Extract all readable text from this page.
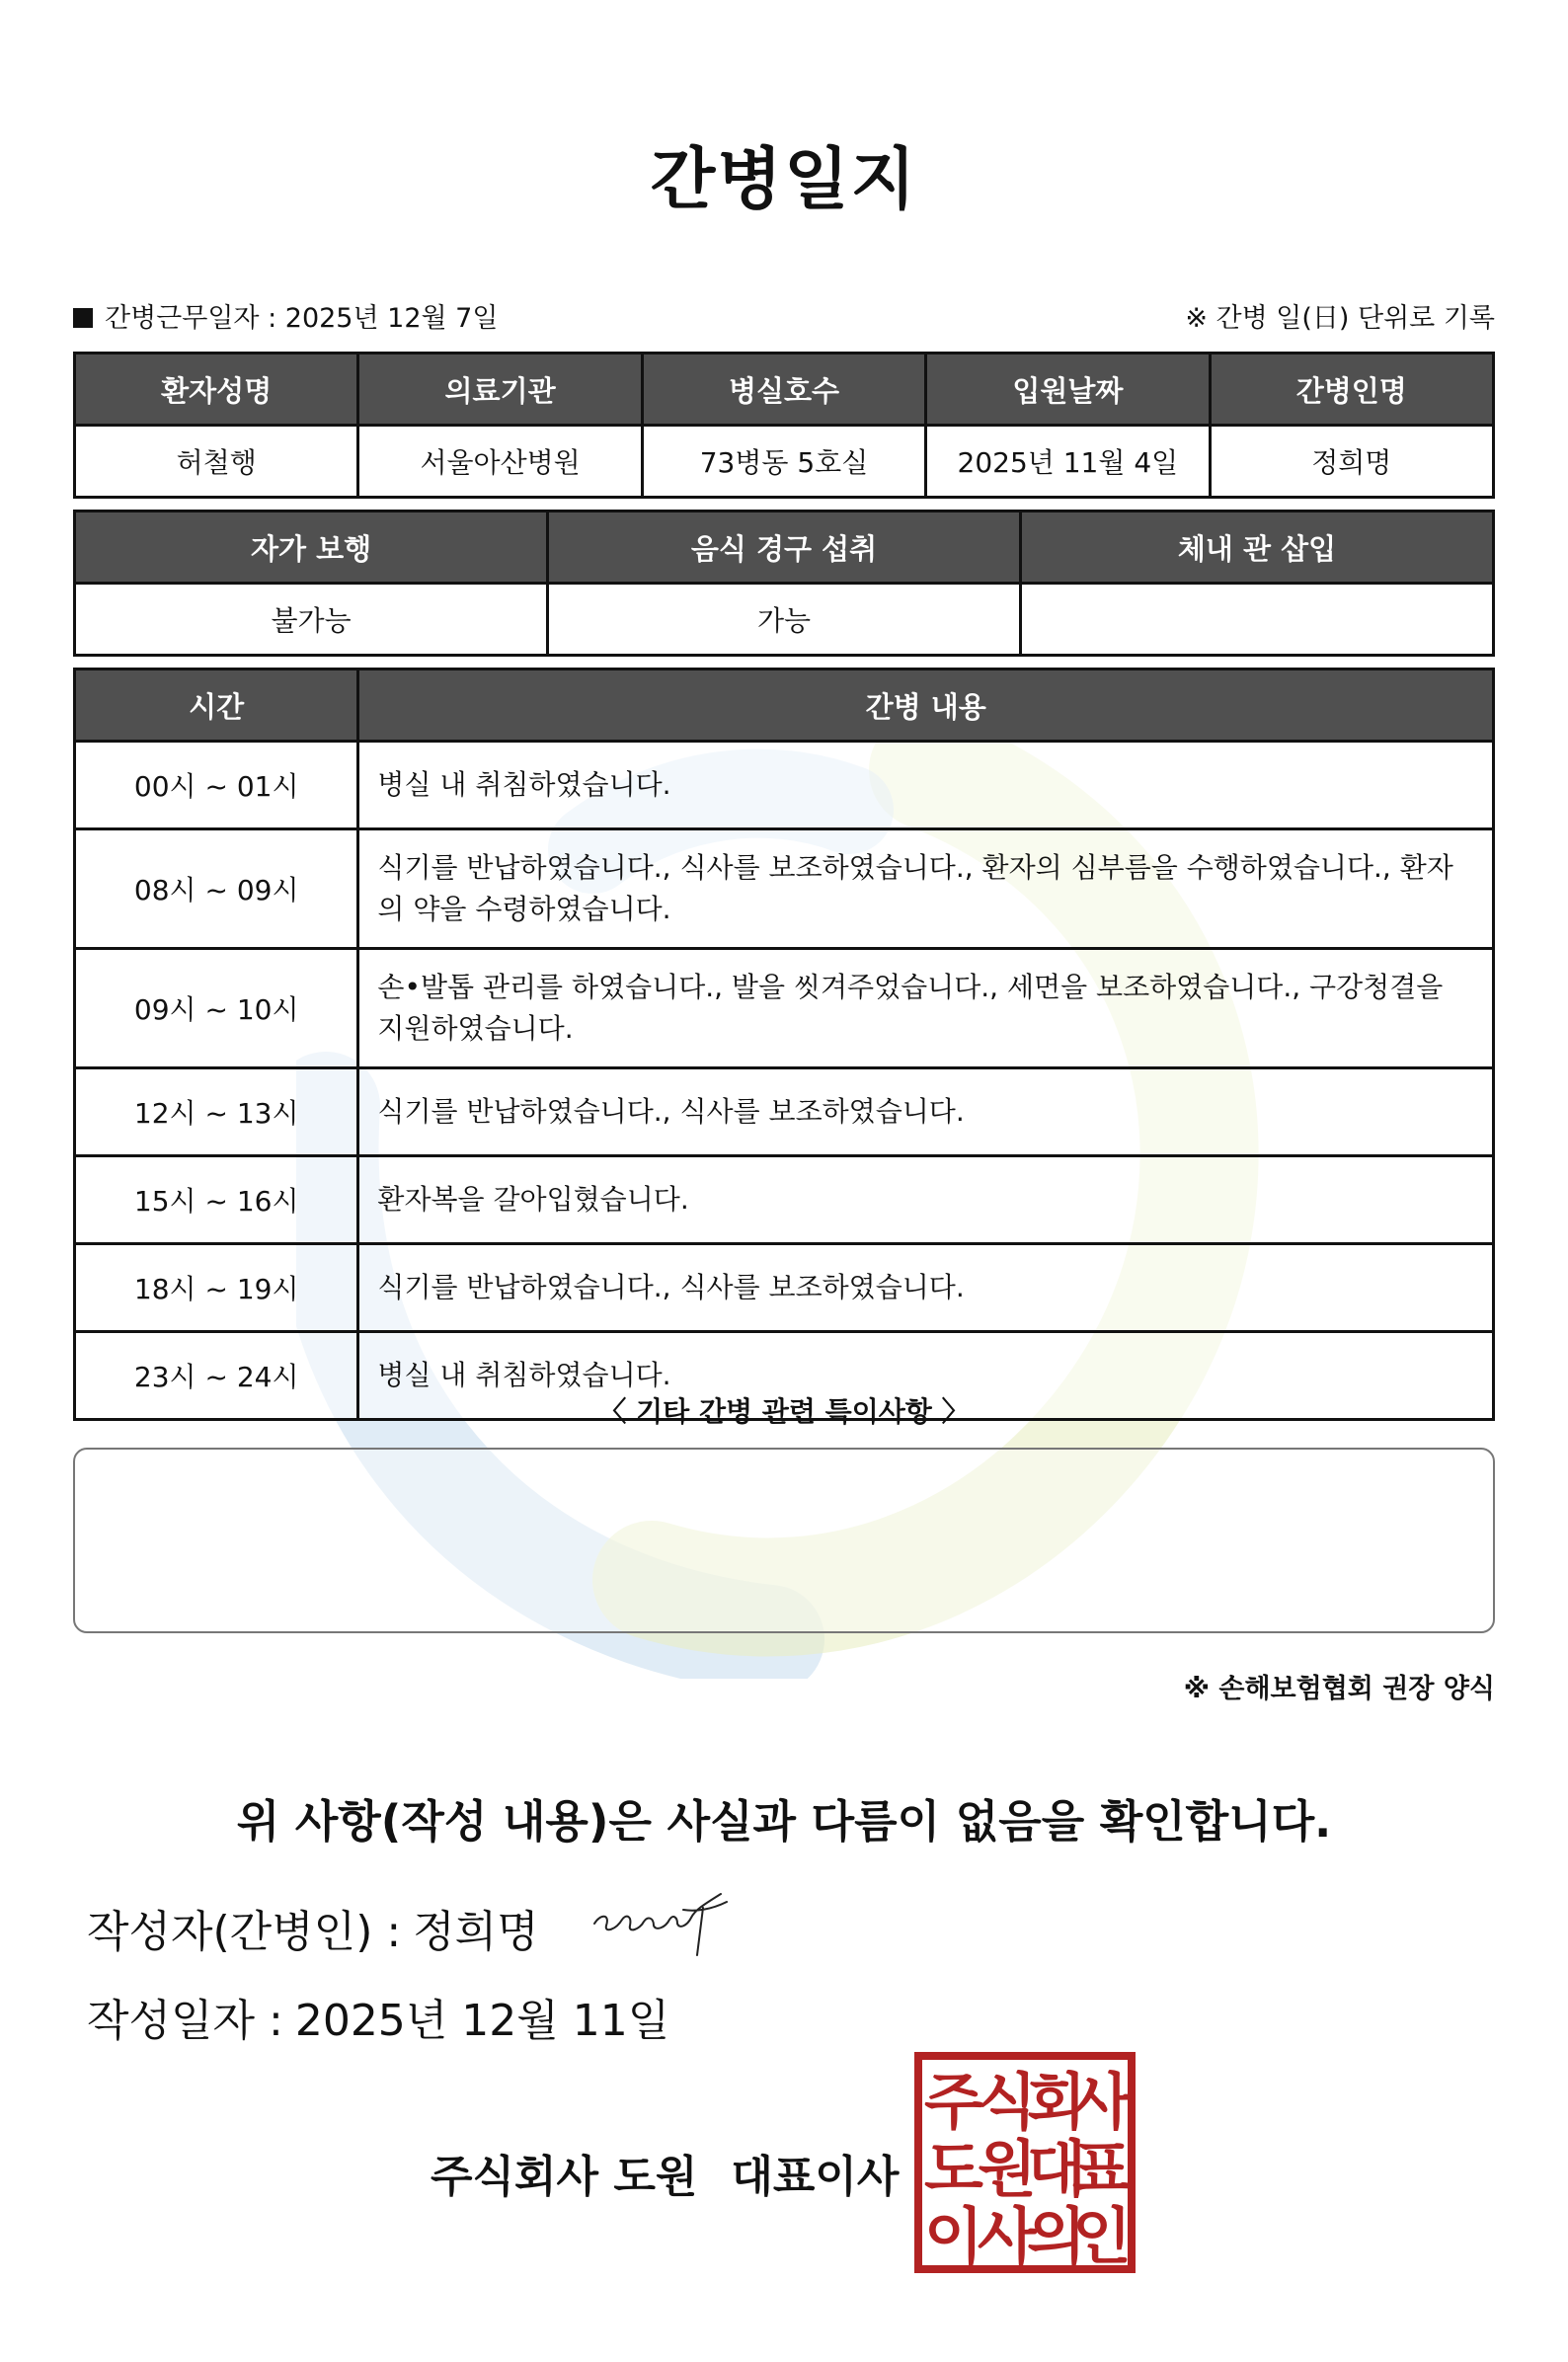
간병일지
간병근무일자 : 2025년 12월 7일	※ 간병 일(日) 단위로 기록
환자성명	의료기관	병실호수	입원날짜	간병인명
허철행	서울아산병원	73병동 5호실	2025년 11월 4일	정희명
자가 보행	음식 경구 섭취	체내 관 삽입
불가능	가능	
시간	간병 내용
00시 ~ 01시	병실 내 취침하였습니다.
08시 ~ 09시	식기를 반납하였습니다., 식사를 보조하였습니다., 환자의 심부름을 수행하였습니다., 환자의 약을 수령하였습니다.
09시 ~ 10시	손•발톱 관리를 하였습니다., 발을 씻겨주었습니다., 세면을 보조하였습니다., 구강청결을 지원하였습니다.
12시 ~ 13시	식기를 반납하였습니다., 식사를 보조하였습니다.
15시 ~ 16시	환자복을 갈아입혔습니다.
18시 ~ 19시	식기를 반납하였습니다., 식사를 보조하였습니다.
23시 ~ 24시	병실 내 취침하였습니다.
〈 기타 간병 관련 특이사항 〉
※ 손해보험협회 권장 양식
위 사항(작성 내용)은 사실과 다름이 없음을 확인합니다.
작성자(간병인) : 정희명
작성일자 : 2025년 12월 11일
주식회사 도원 대표이사
주
식
회
사
도
원
대
표
이
사
의
인
